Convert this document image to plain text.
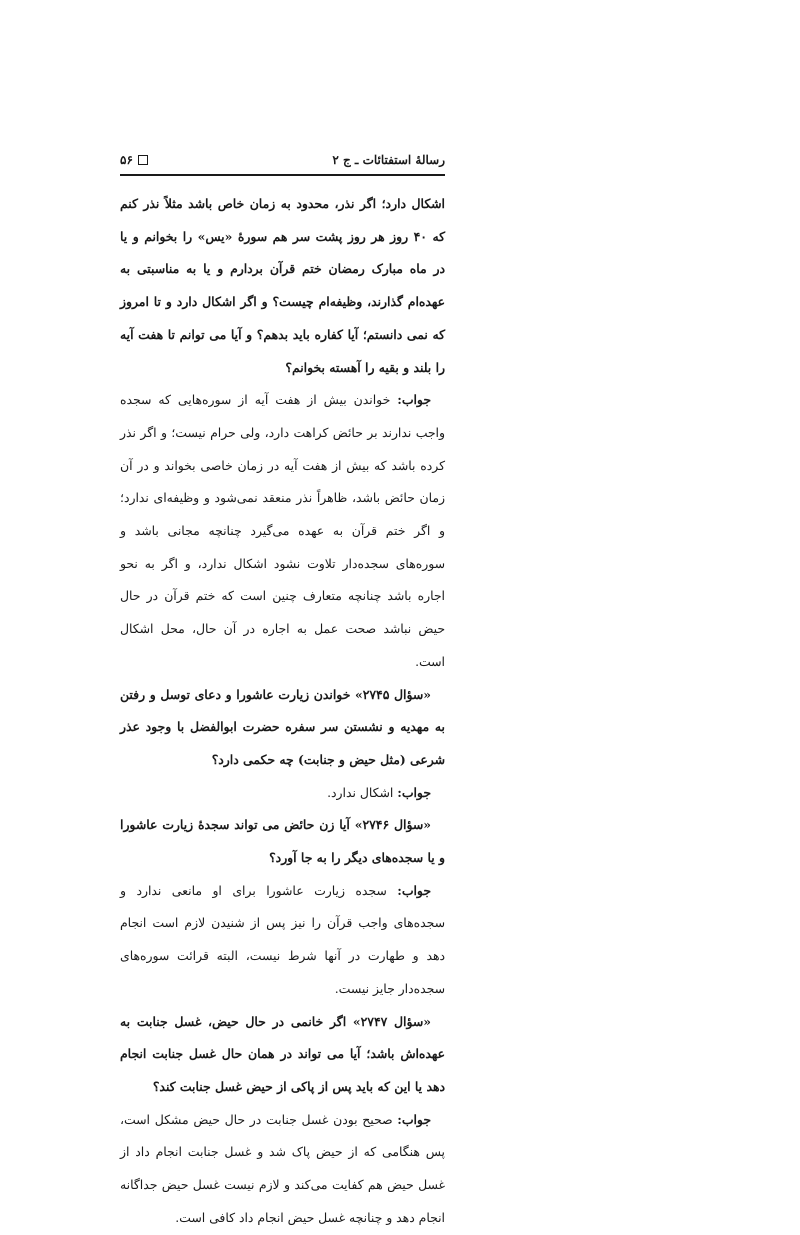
رسالهٔ استفتائات ـ ج ۲
۵۶

اشکال دارد؛ اگر نذر، محدود به زمان خاص باشد مثلاً نذر کنم که ۴۰ روز هر روز پشت سر هم سورهٔ «یس» را بخوانم و یا در ماه مبارک رمضان ختم قرآن بردارم و یا به مناسبتی به عهده‌ام گذارند، وظیفه‌ام چیست؟ و اگر اشکال دارد و تا امروز که نمی دانستم؛ آیا کفاره باید بدهم؟ و آیا می توانم تا هفت آیه را بلند و بقیه را آهسته بخوانم؟

جواب: خواندن بیش از هفت آیه از سوره‌هایی که سجده واجب ندارند بر حائض کراهت دارد، ولی حرام نیست؛ و اگر نذر کرده باشد که بیش از هفت آیه در زمان خاصی بخواند و در آن زمان حائض باشد، ظاهراً نذر منعقد نمی‌شود و وظیفه‌ای ندارد؛ و اگر ختم قرآن به عهده می‌گیرد چنانچه مجانی باشد و سوره‌های سجده‌دار تلاوت نشود اشکال ندارد، و اگر به نحو اجاره باشد چنانچه متعارف چنین است که ختم قرآن در حال حیض نباشد صحت عمل به اجاره در آن حال، محل اشکال است.

«سؤال ۲۷۴۵» خواندن زیارت عاشورا و دعای توسل و رفتن به مهدیه و نشستن سر سفره حضرت ابوالفضل با وجود عذر شرعی (مثل حیض و جنابت) چه حکمی دارد؟

جواب: اشکال ندارد.

«سؤال ۲۷۴۶» آیا زن حائض می تواند سجدهٔ زیارت عاشورا و یا سجده‌های دیگر را به جا آورد؟

جواب: سجده زیارت عاشورا برای او مانعی ندارد و سجده‌های واجب قرآن را نیز پس از شنیدن لازم است انجام دهد و طهارت در آنها شرط نیست، البته قرائت سوره‌های سجده‌دار جایز نیست.

«سؤال ۲۷۴۷» اگر خانمی در حال حیض، غسل جنابت به عهده‌اش باشد؛ آیا می تواند در همان حال غسل جنابت انجام دهد یا این که باید پس از پاکی از حیض غسل جنابت کند؟

جواب: صحیح بودن غسل جنابت در حال حیض مشکل است، پس هنگامی که از حیض پاک شد و غسل جنابت انجام داد از غسل حیض هم کفایت می‌کند و لازم نیست غسل حیض جداگانه انجام دهد و چنانچه غسل حیض انجام داد کافی است.
